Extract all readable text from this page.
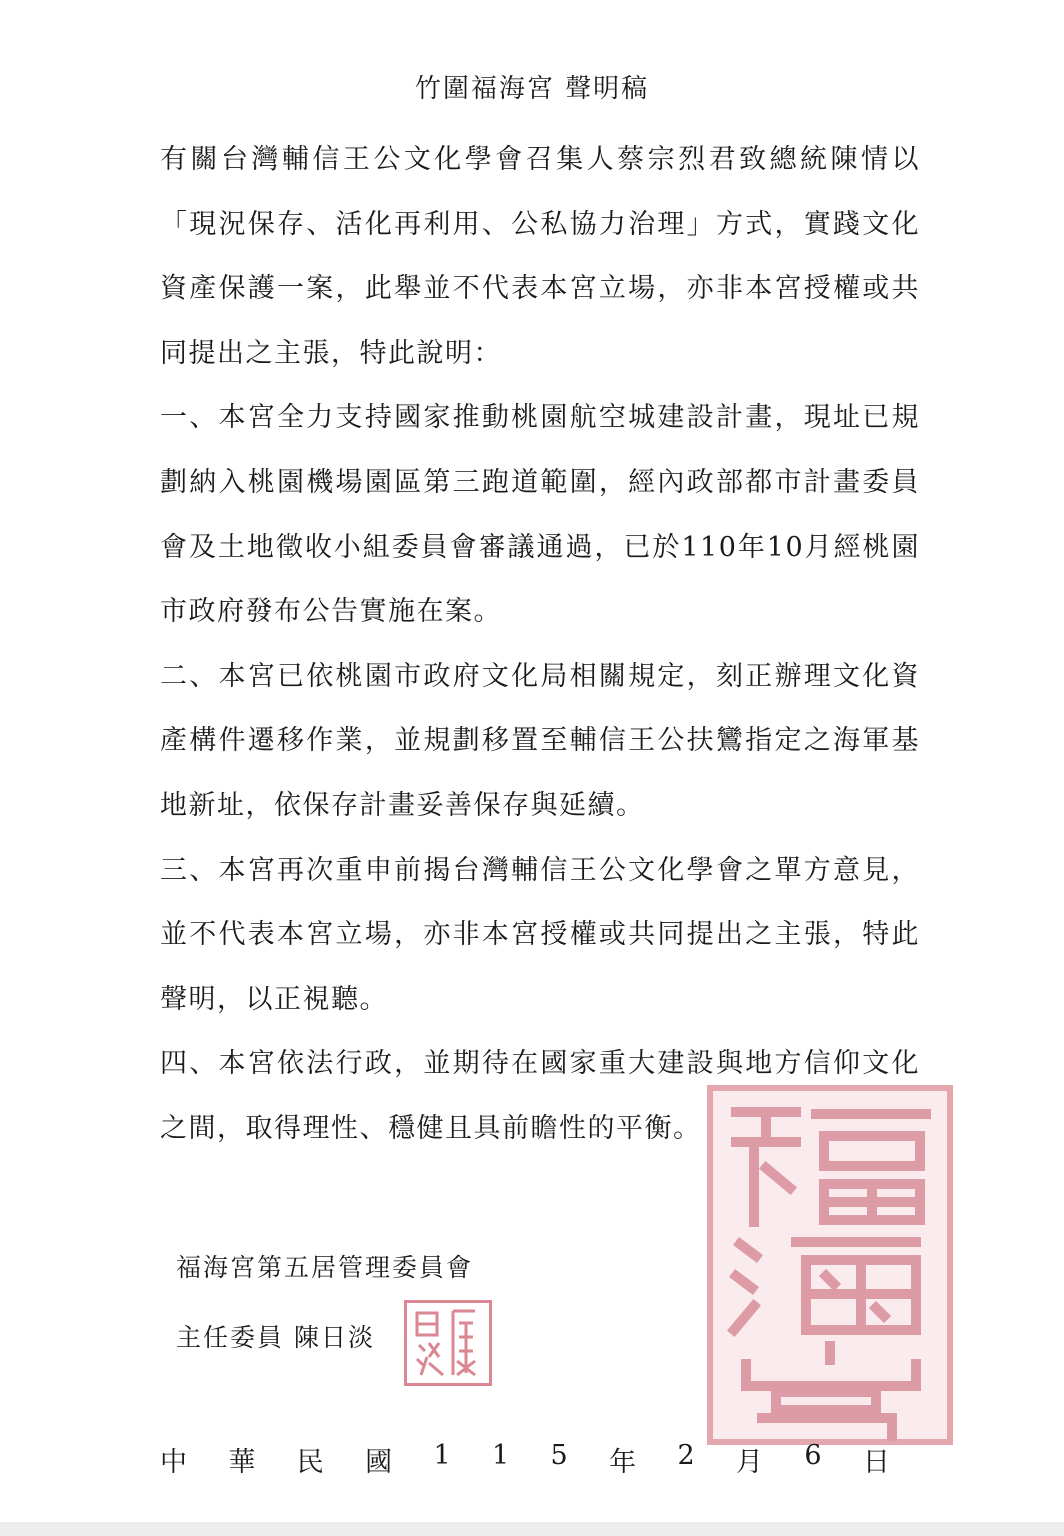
竹圍福海宮 聲明稿

有關台灣輔信王公文化學會召集人蔡宗烈君致總統陳情以「現況保存、活化再利用、公私協力治理」方式，實踐文化資產保護一案，此舉並不代表本宮立場，亦非本宮授權或共同提出之主張，特此說明：

一、本宮全力支持國家推動桃園航空城建設計畫，現址已規劃納入桃園機場園區第三跑道範圍，經內政部都市計畫委員會及土地徵收小組委員會審議通過，已於110年10月經桃園市政府發布公告實施在案。

二、本宮已依桃園市政府文化局相關規定，刻正辦理文化資產構件遷移作業，並規劃移置至輔信王公扶鸞指定之海軍基地新址，依保存計畫妥善保存與延續。

三、本宮再次重申前揭台灣輔信王公文化學會之單方意見，並不代表本宮立場，亦非本宮授權或共同提出之主張，特此聲明，以正視聽。

四、本宮依法行政，並期待在國家重大建設與地方信仰文化之間，取得理性、穩健且具前瞻性的平衡。

福海宮第五居管理委員會
主任委員 陳日淡
中 華 民 國 1 1 5 年 2 月 6 日
